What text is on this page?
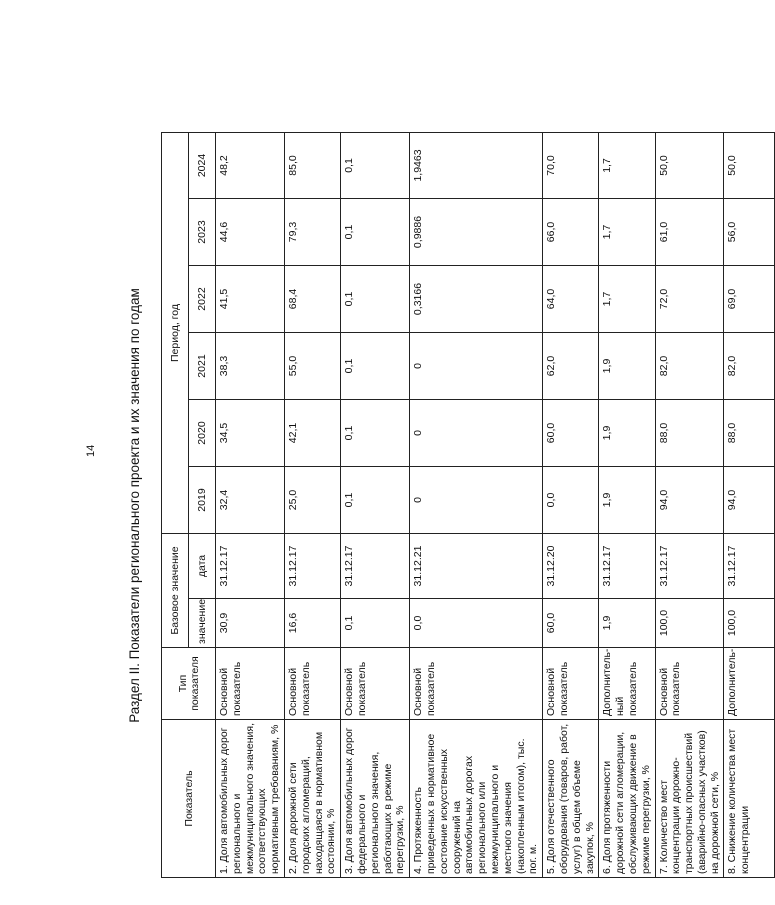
14	Раздел II. Показатели регионального проекта и их значения по годам
Показатель	Тип показателя	Базовое значение		Период, год					
		значение	дата	2019	2020	2021	2022	2023	2024
1. Доля автомобильных дорог регионального и межмуниципального значения, соответствующих нормативным требованиям, %	Основной показатель	30,9	31.12.17	32,4	34,5	38,3	41,5	44,6	48,2
2. Доля дорожной сети городских агломераций, находящаяся в нормативном состоянии, %	Основной показатель	16,6	31.12.17	25,0	42,1	55,0	68,4	79,3	85,0
3. Доля автомобильных дорог федерального и регионального значения, работающих в режиме перегрузки, %	Основной показатель	0,1	31.12.17	0,1	0,1	0,1	0,1	0,1	0,1
4. Протяженность приведенных в нормативное состояние искусственных сооружений на автомобильных дорогах регионального или межмуниципального и местного значения (накопленным итогом), тыс. пог. м.	Основной показатель	0,0	31.12.21	0	0	0	0,3166	0,9886	1,9463
5. Доля отечественного оборудования (товаров, работ, услуг) в общем объеме закупок, %	Основной показатель	60,0	31.12.20	0,0	60,0	62,0	64,0	66,0	70,0
6. Доля протяженности дорожной сети агломерации, обслуживающих движение в режиме перегрузки, %	Дополнитель-ный показатель	1,9	31.12.17	1,9	1,9	1,9	1,7	1,7	1,7
7. Количество мест концентрации дорожно-транспортных происшествий (аварийно-опасных участков) на дорожной сети, %	Основной показатель	100,0	31.12.17	94,0	88,0	82,0	72,0	61,0	50,0
8. Снижение количества мест концентрации	Дополнитель-	100,0	31.12.17	94,0	88,0	82,0	69,0	56,0	50,0
